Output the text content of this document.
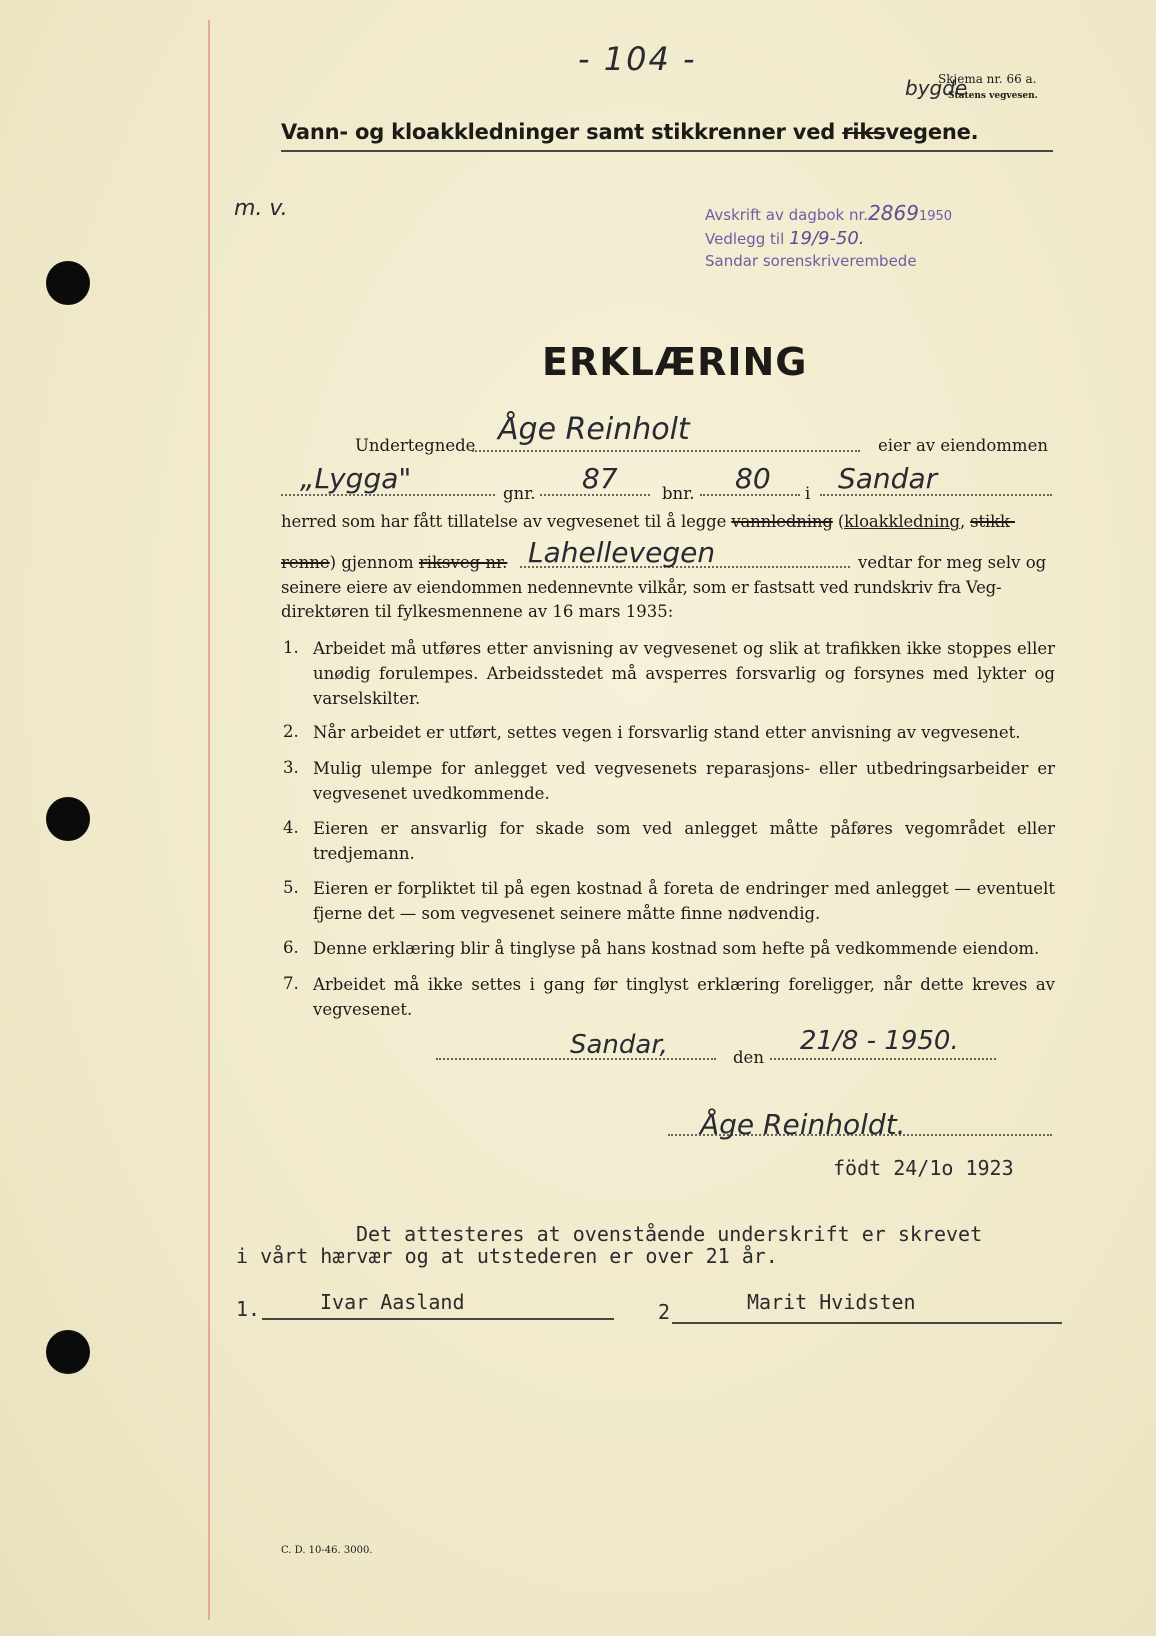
- 104 -
Skjema nr. 66 a.
Statens vegvesen.
bygde
Vann- og kloakkledninger samt stikkrenner ved riksvegene.
m. v.	Avskrift av dagbok nr.28691950
Vedlegg til 19/9-50.
Sandar sorenskriverembede
ERKLÆRING
Undertegnede Åge Reinholt	eier av eiendommen
„Lygga"	gnr. 87	bnr. 80 i Sandar
herred som har fått tillatelse av vegvesenet til å legge vannledning (kloakkledning, stikk-
renne) gjennom riksveg nr. Lahellevegen	vedtar for meg selv og
seinere eiere av eiendommen nedennevnte vilkår, som er fastsatt ved rundskriv fra Veg-
direktøren til fylkesmennene av 16 mars 1935:
1. Arbeidet må utføres etter anvisning av vegvesenet og slik at trafikken ikke stoppes eller unødig forulempes. Arbeidsstedet må avsperres forsvarlig og forsynes med lykter og varselskilter.
2. Når arbeidet er utført, settes vegen i forsvarlig stand etter anvisning av vegvesenet.
3. Mulig ulempe for anlegget ved vegvesenets reparasjons- eller utbedringsarbeider er vegvesenet uvedkommende.
4. Eieren er ansvarlig for skade som ved anlegget måtte påføres vegområdet eller tredjemann.
5. Eieren er forpliktet til på egen kostnad å foreta de endringer med anlegget — eventuelt fjerne det — som vegvesenet seinere måtte finne nødvendig.
6. Denne erklæring blir å tinglyse på hans kostnad som hefte på vedkommende eiendom.
7. Arbeidet må ikke settes i gang før tinglyst erklæring foreligger, når dette kreves av vegvesenet.
Sandar,	den
21/8 - 1950.
Åge Reinholdt.
födt 24/1o 1923
Det attesteres at ovenstående underskrift er skrevet
i vårt hærvær og at utstederen er over 21 år.
1.	Ivar Aasland	2	Marit Hvidsten
C. D. 10-46. 3000.
